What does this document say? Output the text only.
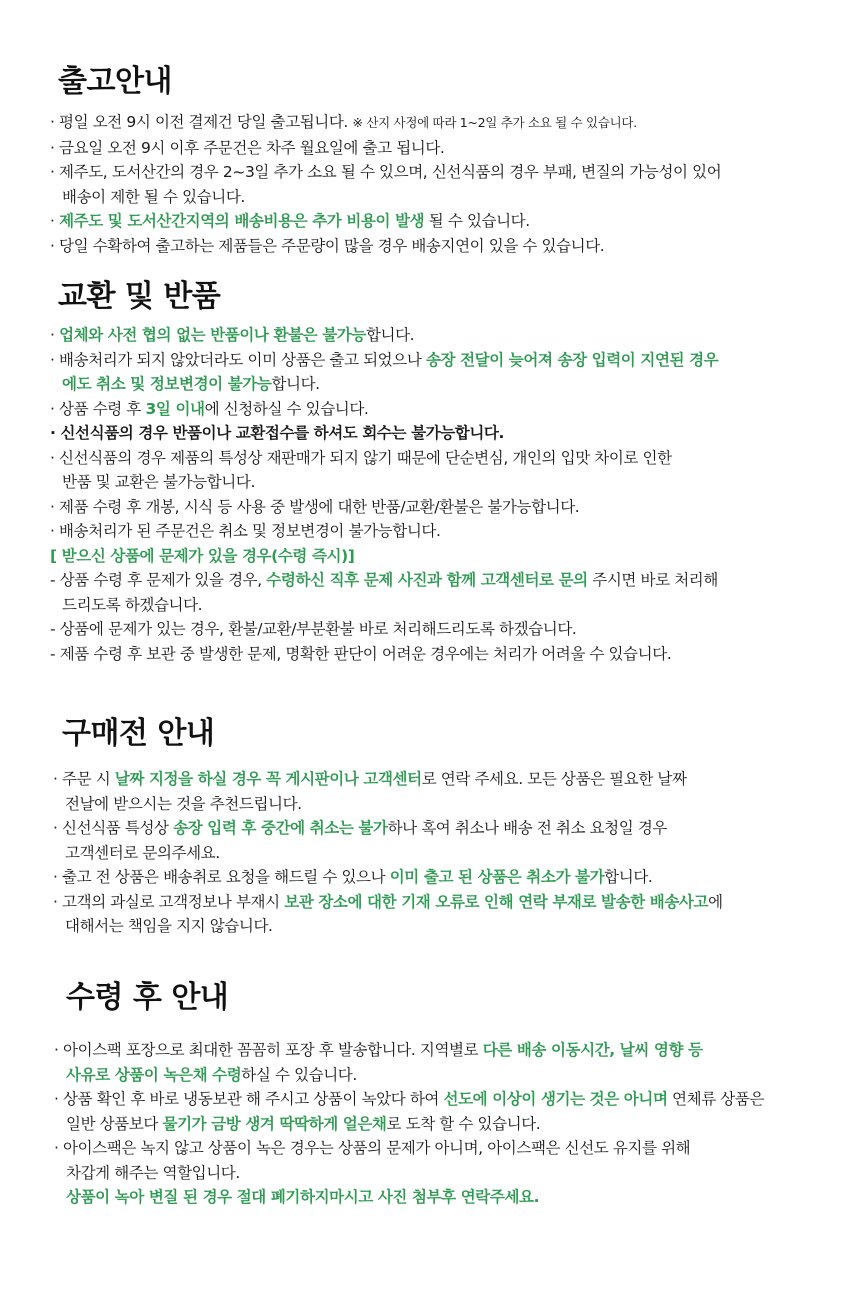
출고안내
· 평일 오전 9시 이전 결제건 당일 출고됩니다. ※ 산지 사정에 따라 1~2일 추가 소요 될 수 있습니다.
· 금요일 오전 9시 이후 주문건은 차주 월요일에 출고 됩니다.
· 제주도, 도서산간의 경우 2~3일 추가 소요 될 수 있으며, 신선식품의 경우 부패, 변질의 가능성이 있어
배송이 제한 될 수 있습니다.
· 제주도 및 도서산간지역의 배송비용은 추가 비용이 발생 될 수 있습니다.
· 당일 수확하여 출고하는 제품들은 주문량이 많을 경우 배송지연이 있을 수 있습니다.
교환 및 반품
· 업체와 사전 협의 없는 반품이나 환불은 불가능합니다.
· 배송처리가 되지 않았더라도 이미 상품은 출고 되었으나 송장 전달이 늦어져 송장 입력이 지연된 경우
에도 취소 및 정보변경이 불가능합니다.
· 상품 수령 후 3일 이내에 신청하실 수 있습니다.
· 신선식품의 경우 반품이나 교환접수를 하셔도 회수는 불가능합니다.
· 신선식품의 경우 제품의 특성상 재판매가 되지 않기 때문에 단순변심, 개인의 입맛 차이로 인한
반품 및 교환은 불가능합니다.
· 제품 수령 후 개봉, 시식 등 사용 중 발생에 대한 반품/교환/환불은 불가능합니다.
· 배송처리가 된 주문건은 취소 및 정보변경이 불가능합니다.
[ 받으신 상품에 문제가 있을 경우(수령 즉시)]
- 상품 수령 후 문제가 있을 경우, 수령하신 직후 문제 사진과 함께 고객센터로 문의 주시면 바로 처리해
드리도록 하겠습니다.
- 상품에 문제가 있는 경우, 환불/교환/부분환불 바로 처리해드리도록 하겠습니다.
- 제품 수령 후 보관 중 발생한 문제, 명확한 판단이 어려운 경우에는 처리가 어려울 수 있습니다.
구매전 안내
· 주문 시 날짜 지정을 하실 경우 꼭 게시판이나 고객센터로 연락 주세요. 모든 상품은 필요한 날짜
전날에 받으시는 것을 추천드립니다.
· 신선식품 특성상 송장 입력 후 중간에 취소는 불가하나 혹여 취소나 배송 전 취소 요청일 경우
고객센터로 문의주세요.
· 출고 전 상품은 배송취로 요청을 해드릴 수 있으나 이미 출고 된 상품은 취소가 불가합니다.
· 고객의 과실로 고객정보나 부재시 보관 장소에 대한 기재 오류로 인해 연락 부재로 발송한 배송사고에
대해서는 책임을 지지 않습니다.
수령 후 안내
· 아이스팩 포장으로 최대한 꼼꼼히 포장 후 발송합니다. 지역별로 다른 배송 이동시간, 날씨 영향 등
사유로 상품이 녹은채 수령하실 수 있습니다.
· 상품 확인 후 바로 냉동보관 해 주시고 상품이 녹았다 하여 선도에 이상이 생기는 것은 아니며 연체류 상품은
일반 상품보다 물기가 금방 생겨 딱딱하게 얼은채로 도착 할 수 있습니다.
· 아이스팩은 녹지 않고 상품이 녹은 경우는 상품의 문제가 아니며, 아이스팩은 신선도 유지를 위해
차갑게 해주는 역할입니다.
상품이 녹아 변질 된 경우 절대 폐기하지마시고 사진 첨부후 연락주세요.
